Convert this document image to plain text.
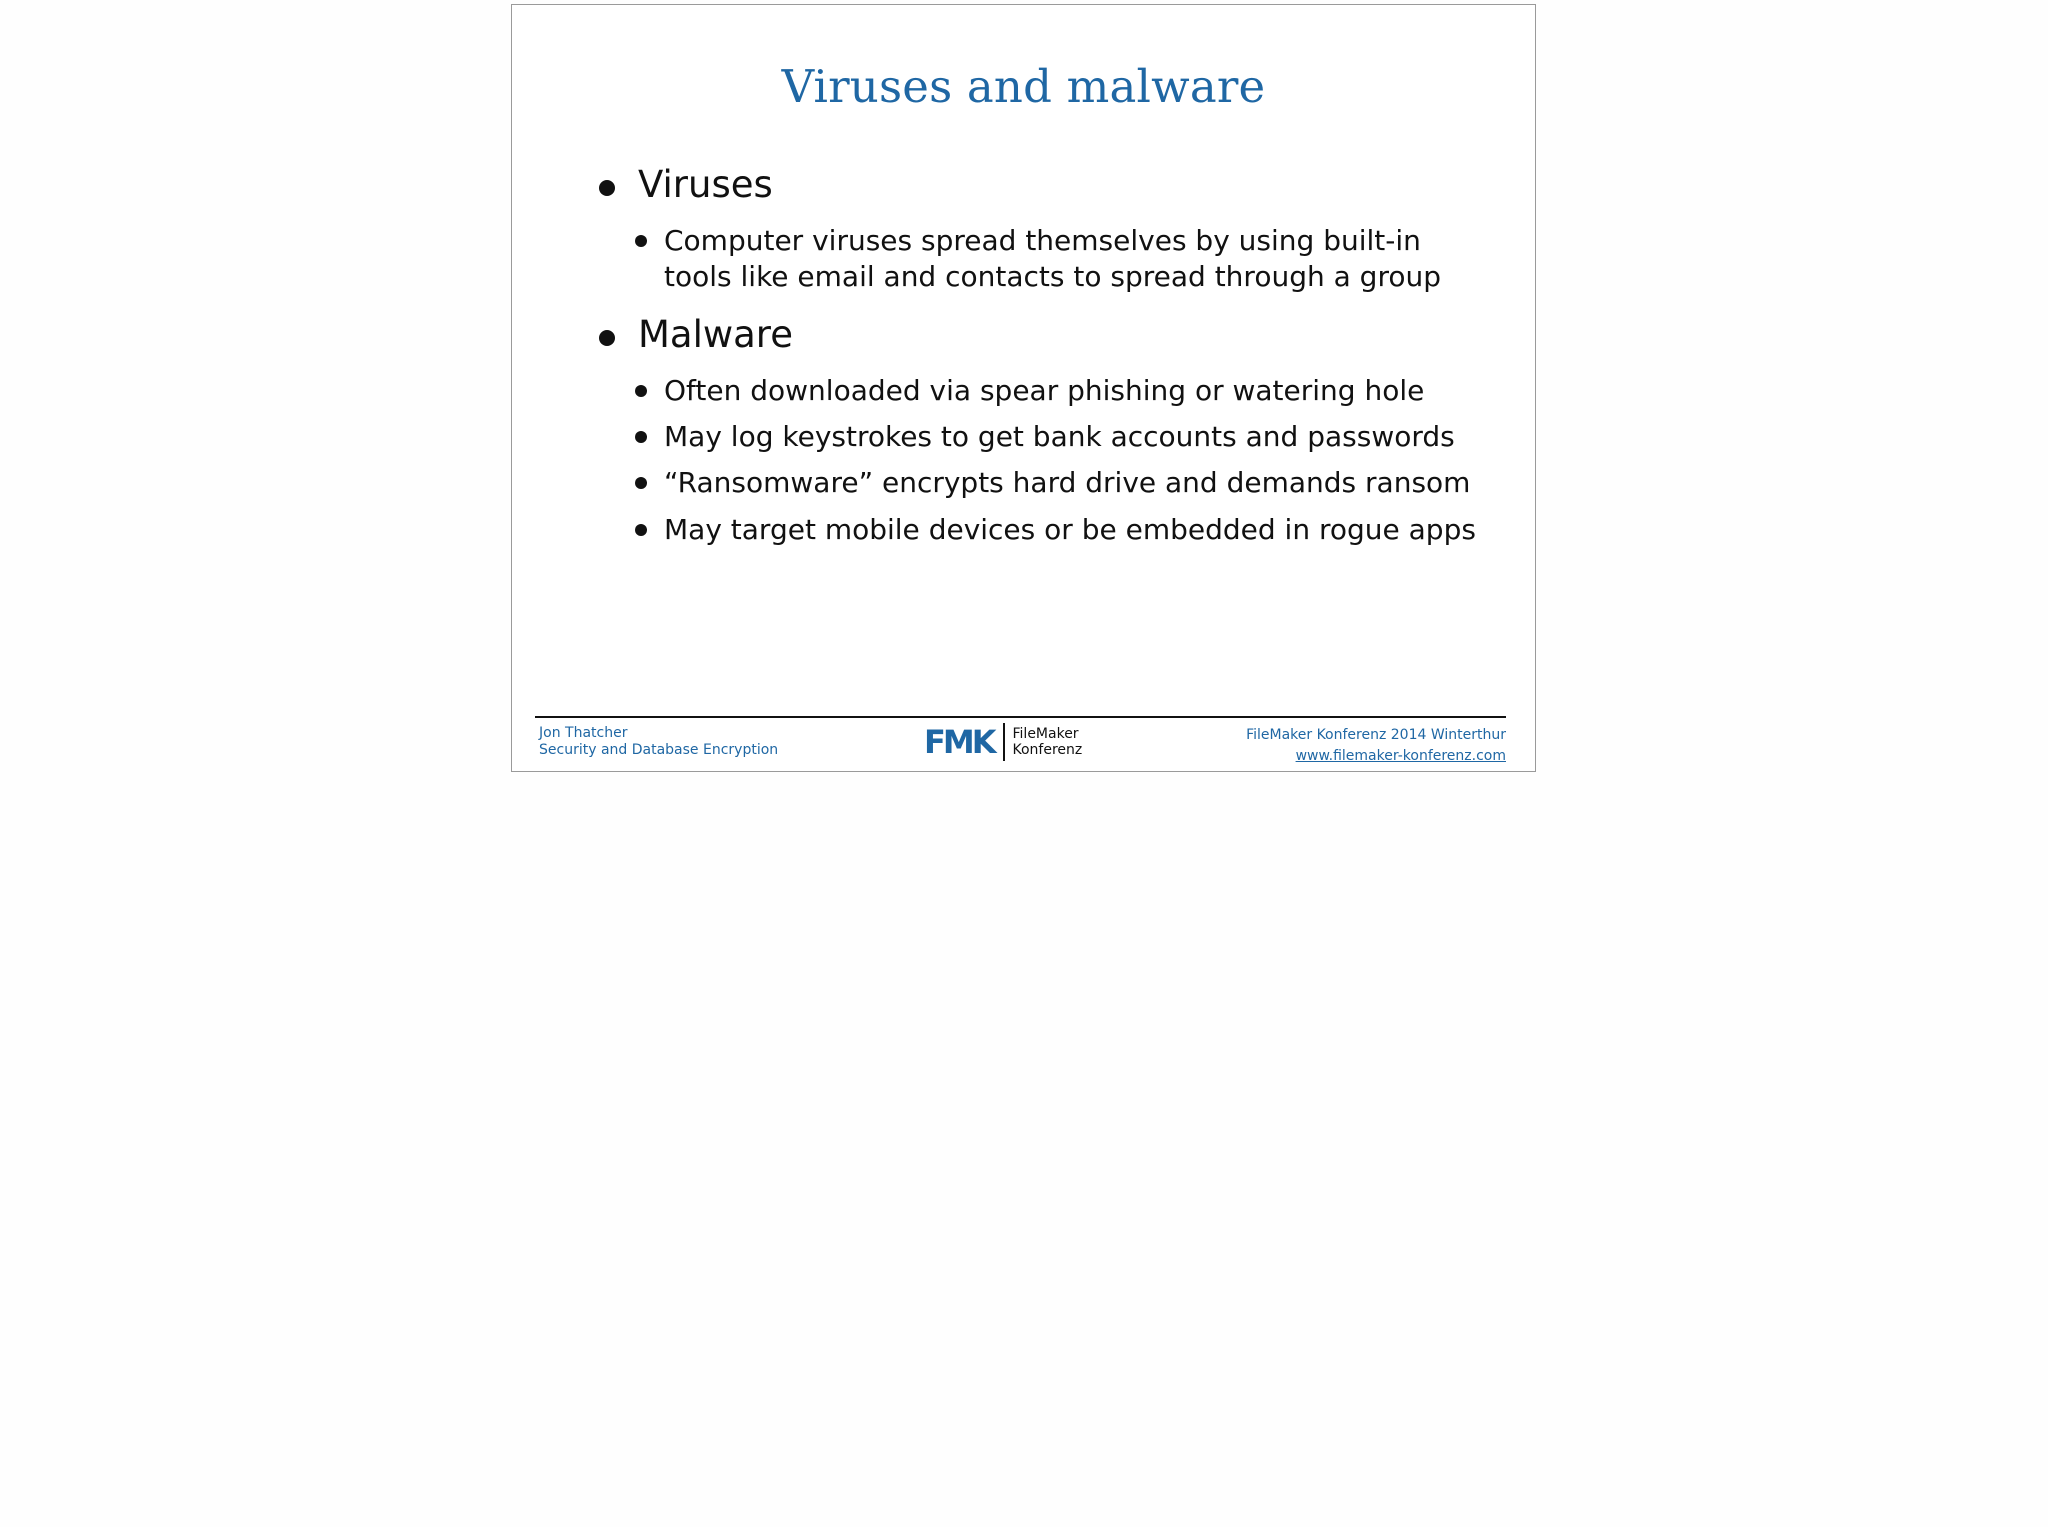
Viruses and malware
Viruses
Computer viruses spread themselves by using built-in
tools like email and contacts to spread through a group
Malware
Often downloaded via spear phishing or watering hole
May log keystrokes to get bank accounts and passwords
“Ransomware” encrypts hard drive and demands ransom
May target mobile devices or be embedded in rogue apps
Jon Thatcher
Security and Database Encryption	FMK FileMaker
Konferenz
FileMaker Konferenz 2014 Winterthur
www.filemaker-konferenz.com
